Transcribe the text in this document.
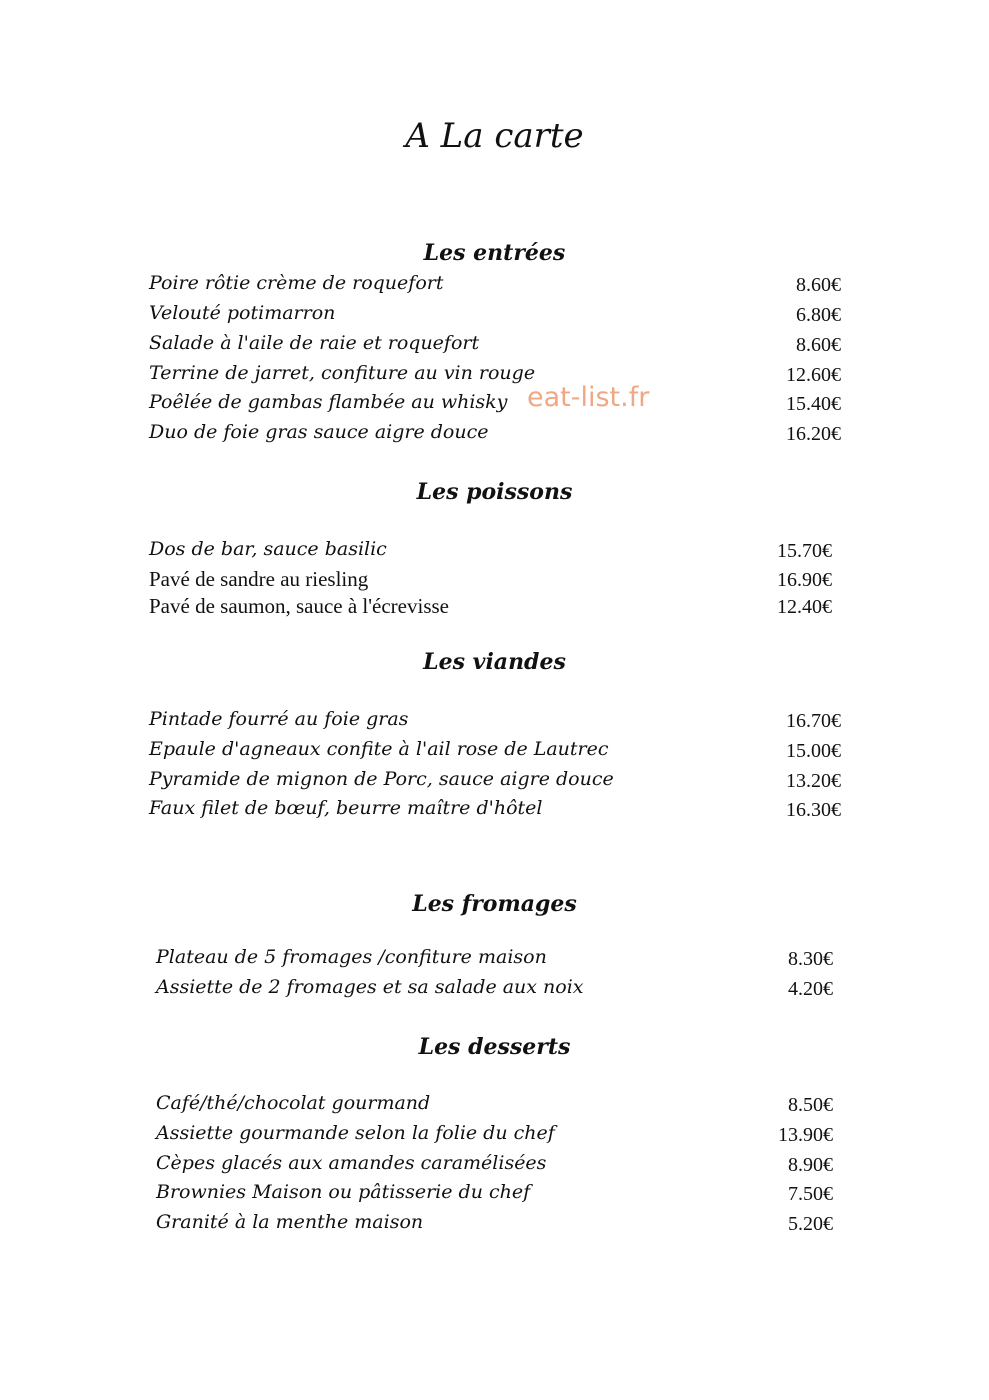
A La carte
Les entrées
Poire rôtie crème de roquefort	8.60€
Velouté potimarron	6.80€
Salade à l'aile de raie et roquefort	8.60€
Terrine de jarret, confiture au vin rouge	12.60€
Poêlée de gambas flambée au whisky	15.40€
Duo de foie gras sauce aigre douce	16.20€
eat-list.fr
Les poissons
Dos de bar, sauce basilic	15.70€
Pavé de sandre au riesling	16.90€
Pavé de saumon, sauce à l'écrevisse	12.40€
Les viandes
Pintade fourré au foie gras	16.70€
Epaule d'agneaux confite à l'ail rose de Lautrec	15.00€
Pyramide de mignon de Porc, sauce aigre douce	13.20€
Faux filet de bœuf, beurre maître d'hôtel	16.30€
Les fromages
Plateau de 5 fromages /confiture maison	8.30€
Assiette de 2 fromages et sa salade aux noix	4.20€
Les desserts
Café/thé/chocolat gourmand	8.50€
Assiette gourmande selon la folie du chef	13.90€
Cèpes glacés aux amandes caramélisées	8.90€
Brownies Maison ou pâtisserie du chef	7.50€
Granité à la menthe maison	5.20€
